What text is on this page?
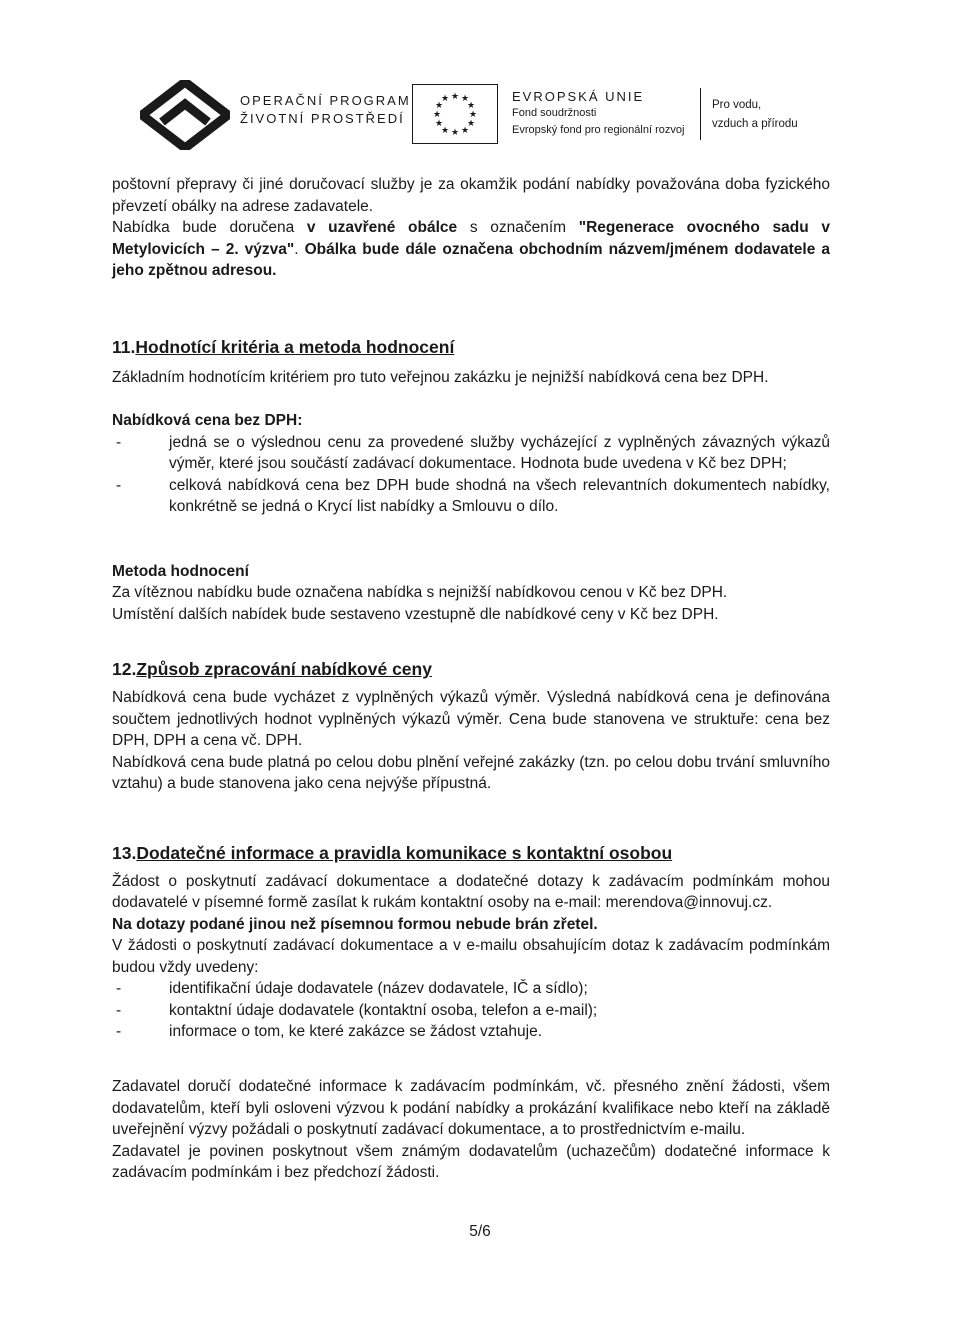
OPERAČNÍ PROGRAM
ŽIVOTNÍ PROSTŘEDÍ
★ ★
★
★
★
★
★
★
★
★
★
★	EVROPSKÁ UNIE
Fond soudržnosti
Evropský fond pro regionální rozvoj
Pro vodu,
vzduch a přírodu

poštovní přepravy či jiné doručovací služby je za okamžik podání nabídky považována doba fyzického převzetí obálky na adrese zadavatele.

Nabídka bude doručena v uzavřené obálce s označením "Regenerace ovocného sadu v Metylovicích – 2. výzva". Obálka bude dále označena obchodním názvem/jménem dodavatele a jeho zpětnou adresou.

11.Hodnotící kritéria a metoda hodnocení

Základním hodnotícím kritériem pro tuto veřejnou zakázku je nejnižší nabídková cena bez DPH.

Nabídková cena bez DPH:

- jedná se o výslednou cenu za provedené služby vycházející z vyplněných závazných výkazů výměr, které jsou součástí zadávací dokumentace. Hodnota bude uvedena v Kč bez DPH;
- celková nabídková cena bez DPH bude shodná na všech relevantních dokumentech nabídky, konkrétně se jedná o Krycí list nabídky a Smlouvu o dílo.

Metoda hodnocení

Za vítěznou nabídku bude označena nabídka s nejnižší nabídkovou cenou v Kč bez DPH.

Umístění dalších nabídek bude sestaveno vzestupně dle nabídkové ceny v Kč bez DPH.

12.Způsob zpracování nabídkové ceny

Nabídková cena bude vycházet z vyplněných výkazů výměr. Výsledná nabídková cena je definována součtem jednotlivých hodnot vyplněných výkazů výměr. Cena bude stanovena ve struktuře: cena bez DPH, DPH a cena vč. DPH.

Nabídková cena bude platná po celou dobu plnění veřejné zakázky (tzn. po celou dobu trvání smluvního vztahu) a bude stanovena jako cena nejvýše přípustná.

13.Dodatečné informace a pravidla komunikace s kontaktní osobou

Žádost o poskytnutí zadávací dokumentace a dodatečné dotazy k zadávacím podmínkám mohou dodavatelé v písemné formě zasílat k rukám kontaktní osoby na e-mail: merendova@innovuj.cz.

Na dotazy podané jinou než písemnou formou nebude brán zřetel.

V žádosti o poskytnutí zadávací dokumentace a v e-mailu obsahujícím dotaz k zadávacím podmínkám budou vždy uvedeny:

- identifikační údaje dodavatele (název dodavatele, IČ a sídlo);
- kontaktní údaje dodavatele (kontaktní osoba, telefon a e-mail);
- informace o tom, ke které zakázce se žádost vztahuje.

Zadavatel doručí dodatečné informace k zadávacím podmínkám, vč. přesného znění žádosti, všem dodavatelům, kteří byli osloveni výzvou k podání nabídky a prokázání kvalifikace nebo kteří na základě uveřejnění výzvy požádali o poskytnutí zadávací dokumentace, a to prostřednictvím e-mailu.

Zadavatel je povinen poskytnout všem známým dodavatelům (uchazečům) dodatečné informace k zadávacím podmínkám i bez předchozí žádosti.

5/6
